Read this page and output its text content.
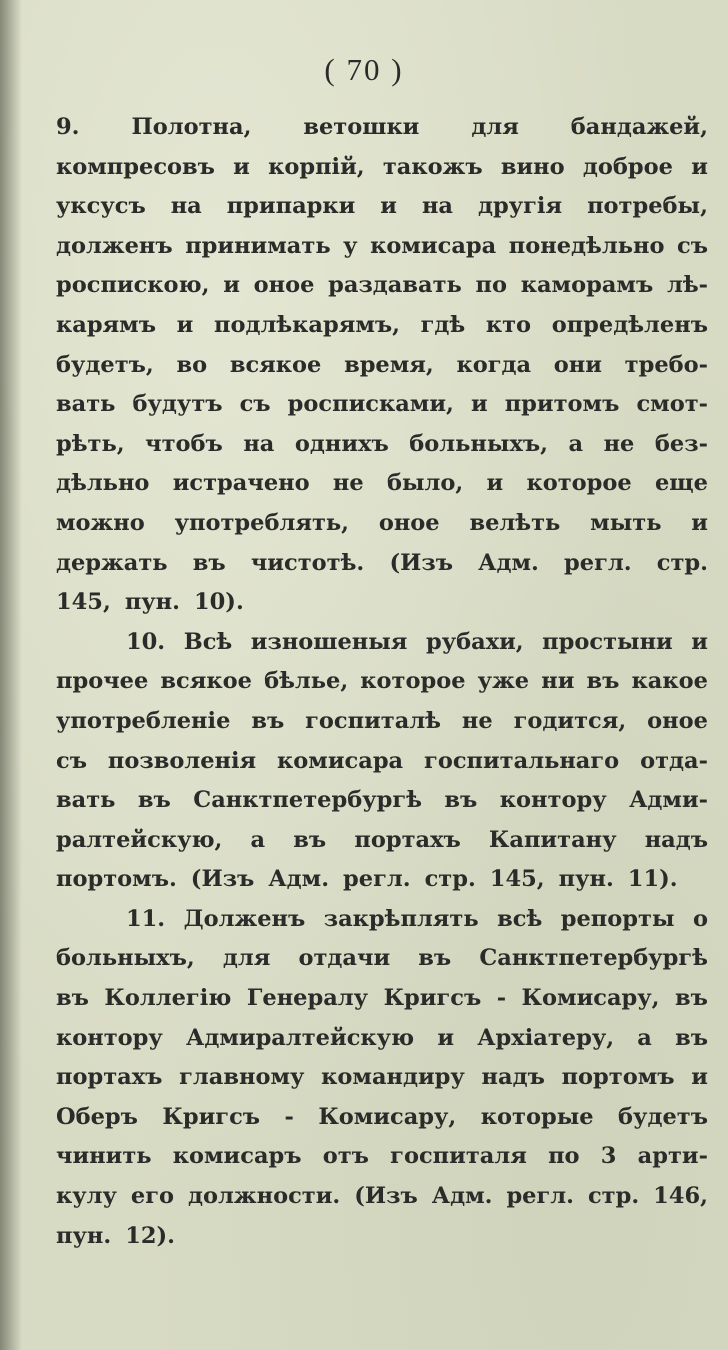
( 70 )
9. Полотна, ветошки для бандажей,
компресовъ и корпій, такожъ вино доброе и
уксусъ на припарки и на другія потребы,
долженъ принимать у комисара понедѣльно съ
роспискою, и оное раздавать по каморамъ лѣ-
карямъ и подлѣкарямъ, гдѣ кто опредѣленъ
будетъ, во всякое время, когда они требо-
вать будутъ съ росписками, и притомъ смот-
рѣть, чтобъ на однихъ больныхъ, а не без-
дѣльно истрачено не было, и которое еще
можно употреблять, оное велѣть мыть и
держать въ чистотѣ. (Изъ Адм. регл. стр.
145, пун. 10).
10. Всѣ изношеныя рубахи, простыни и
прочее всякое бѣлье, которое уже ни въ какое
употребленіе въ госпиталѣ не годится, оное
съ позволенія комисара госпитальнаго отда-
вать въ Санктпетербургѣ въ контору Адми-
ралтейскую, а въ портахъ Капитану надъ
портомъ. (Изъ Адм. регл. стр. 145, пун. 11).
11. Долженъ закрѣплять всѣ репорты о
больныхъ, для отдачи въ Санктпетербургѣ
въ Коллегію Генералу Кригсъ - Комисару, въ
контору Адмиралтейскую и Архіатеру, а въ
портахъ главному командиру надъ портомъ и
Оберъ Кригсъ - Комисару, которые будетъ
чинить комисаръ отъ госпиталя по 3 арти-
кулу его должности. (Изъ Адм. регл. стр. 146,
пун. 12).
